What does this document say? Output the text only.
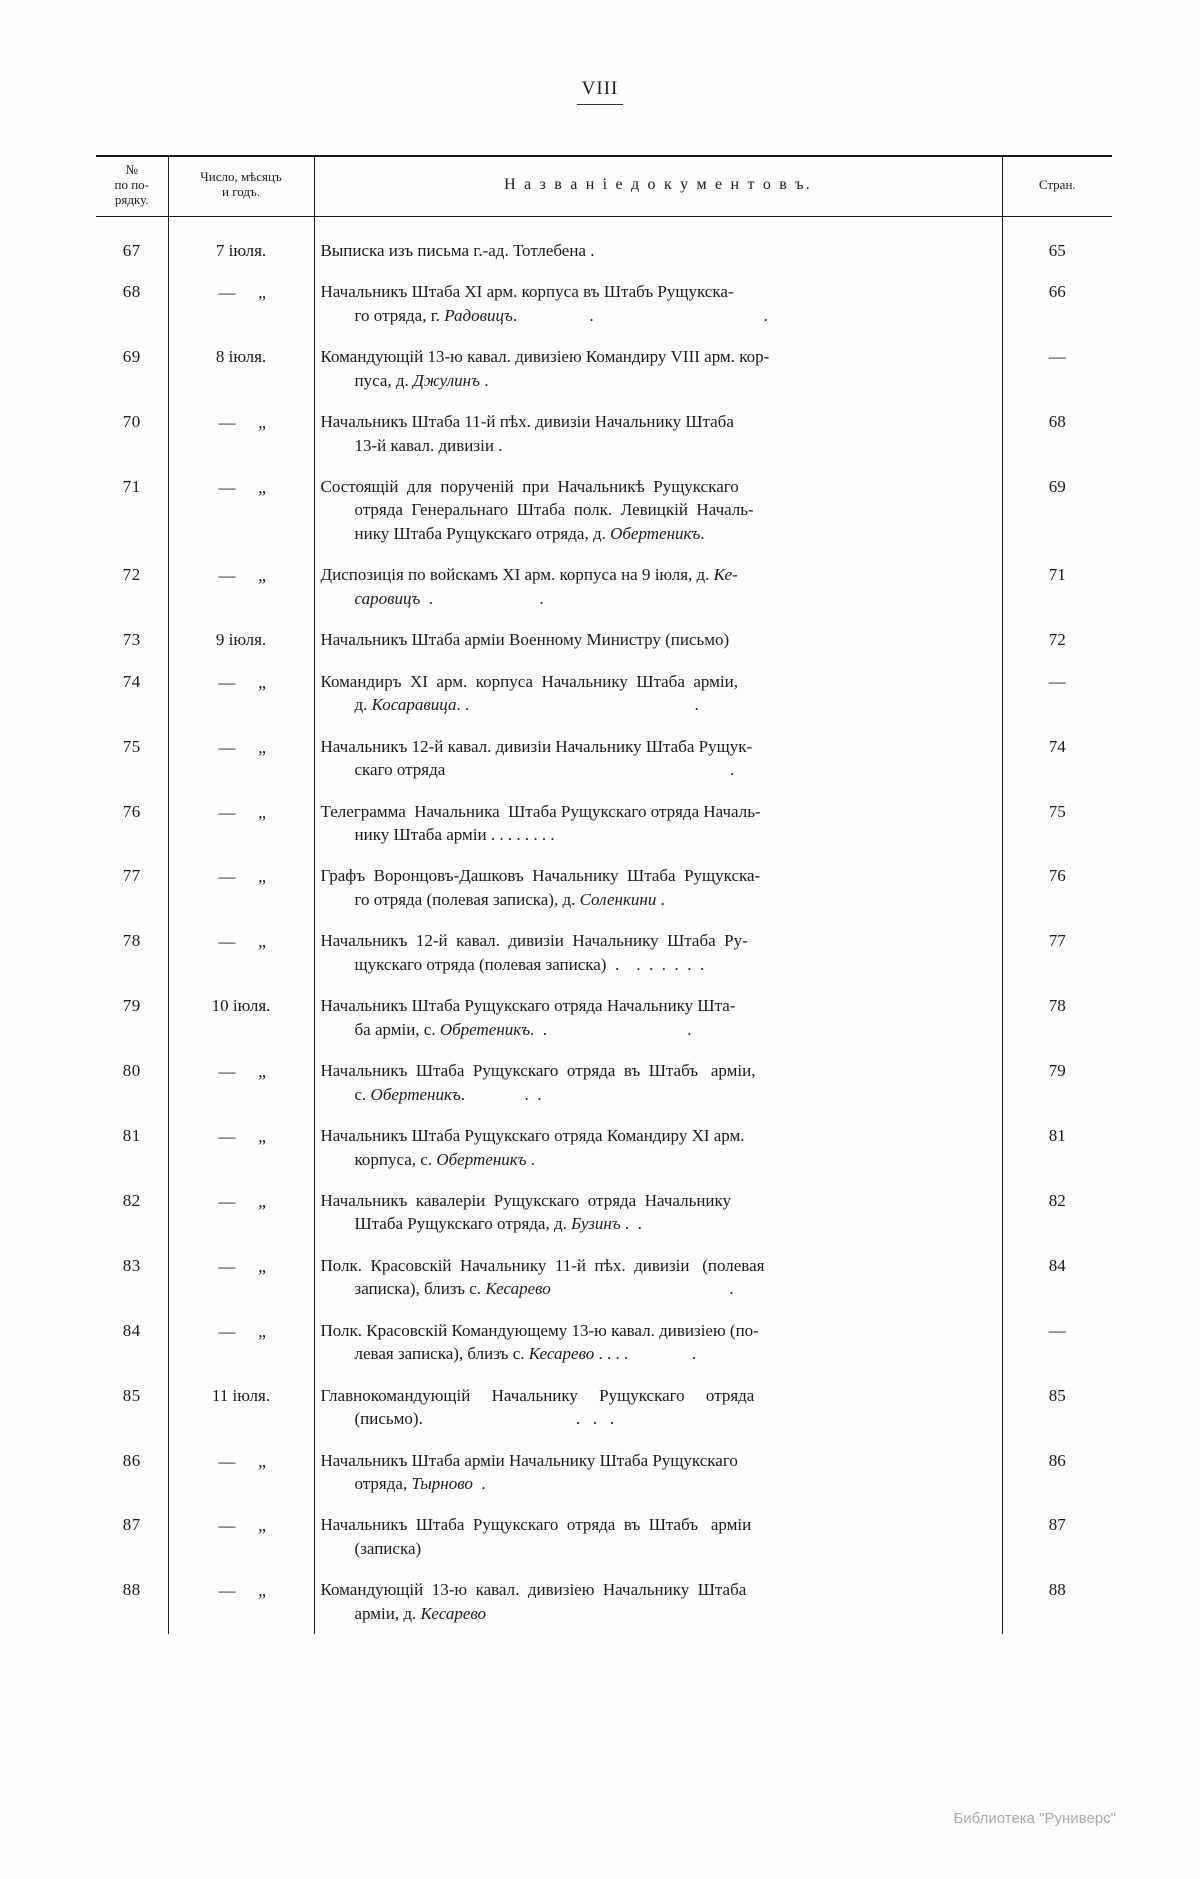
VIII
№
по по-
рядку.

Число, мѣсяцъ
и годъ.	Н а з в а н і е д о к у м е н т о в ъ.	Стран.
67	7 іюля.	Выписка изъ письма г.-ад. Тотлебена .	65
68	— „	Начальникъ Штаба XI арм. корпуса въ Штабъ Рущукска-
го отряда, г. Радовицъ.                 .                                        .	66
69	8 іюля.	Командующій 13-ю кавал. дивизіею Командиру VIII арм. кор-
пуса, д. Джулинъ .	—
70	— „	Начальникъ Штаба 11-й пѣх. дивизіи Начальнику Штаба
13-й кавал. дивизіи .	68
71	— „	Состоящій  для  порученій  при  Начальникѣ  Рущукскаго
отряда  Генеральнаго  Штаба  полк.  Левицкій  Началь-
нику Штаба Рущукскаго отряда, д. Обертеникъ.	69
72	— „	Диспозиція по войскамъ XI арм. корпуса на 9 іюля, д. Ке-
саровицъ  .                         .	71
73	9 іюля.	Начальникъ Штаба арміи Военному Министру (письмо)	72
74	— „	Командиръ  XI  арм.  корпуса  Начальнику  Штаба  арміи,
д. Косаравица. .                                                     .	—
75	— „	Начальникъ 12-й кавал. дивизіи Начальнику Штаба Рущук-
скаго отряда                                                                   .	74
76	— „	Телеграмма  Начальника  Штаба Рущукскаго отряда Началь-
нику Штаба арміи . . . . . . . .	75
77	— „	Графъ  Воронцовъ-Дашковъ  Начальнику  Штаба  Рущукска-
го отряда (полевая записка), д. Соленкини .	76
78	— „	Начальникъ  12-й  кавал.  дивизіи  Начальнику  Штаба  Ру-
щукскаго отряда (полевая записка)  .    .  .  .  .  .  .	77
79	10 іюля.	Начальникъ Штаба Рущукскаго отряда Начальнику Шта-
ба арміи, с. Обретеникъ.  .                                 .	78
80	— „	Начальникъ  Штаба  Рущукскаго  отряда  въ  Штабъ   арміи,
с. Обертеникъ.              .  .	79
81	— „	Начальникъ Штаба Рущукскаго отряда Командиру XI арм.
корпуса, с. Обертеникъ .	81
82	— „	Начальникъ  кавалеріи  Рущукскаго  отряда  Начальнику
Штаба Рущукскаго отряда, д. Бузинъ .  .	82
83	— „	Полк.  Красовскій  Начальнику  11-й  пѣх.  дивизіи   (полевая
записка), близъ с. Кесарево                                          .	84
84	— „	Полк. Красовскій Командующему 13-ю кавал. дивизіею (по-
левая записка), близъ с. Кесарево . . . .               .	—
85	11 іюля.	Главнокомандующій     Начальнику     Рущукскаго     отряда
(письмо).                                    .   .   .	85
86	— „	Начальникъ Штаба арміи Начальнику Штаба Рущукскаго
отряда, Тырново  .	86
87	— „	Начальникъ  Штаба  Рущукскаго  отряда  въ  Штабъ   арміи
(записка)	87
88	— „	Командующій  13-ю  кавал.  дивизіею  Начальнику  Штаба
арміи, д. Кесарево	88
Библиотека "Руниверс"
